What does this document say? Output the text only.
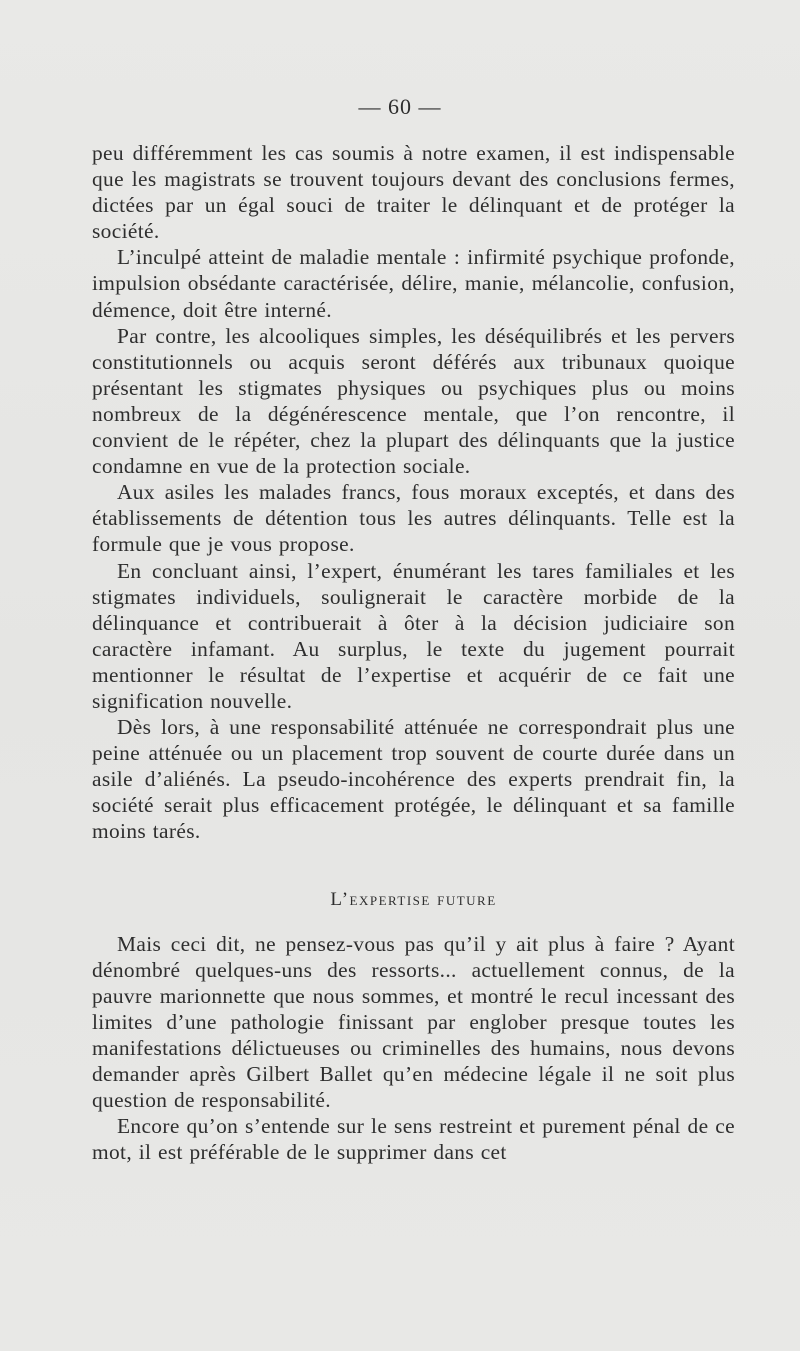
— 60 —

peu différemment les cas soumis à notre examen, il est indispensable que les magistrats se trouvent toujours devant des conclusions fermes, dictées par un égal souci de traiter le délinquant et de protéger la société.

L’inculpé atteint de maladie mentale : infirmité psychique profonde, impulsion obsédante caractérisée, délire, manie, mélancolie, confusion, démence, doit être interné.

Par contre, les alcooliques simples, les déséquilibrés et les pervers constitutionnels ou acquis seront déférés aux tribunaux quoique présentant les stigmates physiques ou psychiques plus ou moins nombreux de la dégénérescence mentale, que l’on rencontre, il convient de le répéter, chez la plupart des délinquants que la justice condamne en vue de la protection sociale.

Aux asiles les malades francs, fous moraux exceptés, et dans des établissements de détention tous les autres délinquants. Telle est la formule que je vous propose.

En concluant ainsi, l’expert, énumérant les tares familiales et les stigmates individuels, soulignerait le caractère morbide de la délinquance et contribuerait à ôter à la décision judiciaire son caractère infamant. Au surplus, le texte du jugement pourrait mentionner le résultat de l’expertise et acquérir de ce fait une signification nouvelle.

Dès lors, à une responsabilité atténuée ne correspondrait plus une peine atténuée ou un placement trop souvent de courte durée dans un asile d’aliénés. La pseudo-incohérence des experts prendrait fin, la société serait plus efficacement protégée, le délinquant et sa famille moins tarés.

L’expertise future

Mais ceci dit, ne pensez-vous pas qu’il y ait plus à faire ? Ayant dénombré quelques-uns des ressorts... actuellement connus, de la pauvre marionnette que nous sommes, et montré le recul incessant des limites d’une pathologie finissant par englober presque toutes les manifestations délictueuses ou criminelles des humains, nous devons demander après Gilbert Ballet qu’en médecine légale il ne soit plus question de responsabilité.

Encore qu’on s’entende sur le sens restreint et purement pénal de ce mot, il est préférable de le supprimer dans cet
